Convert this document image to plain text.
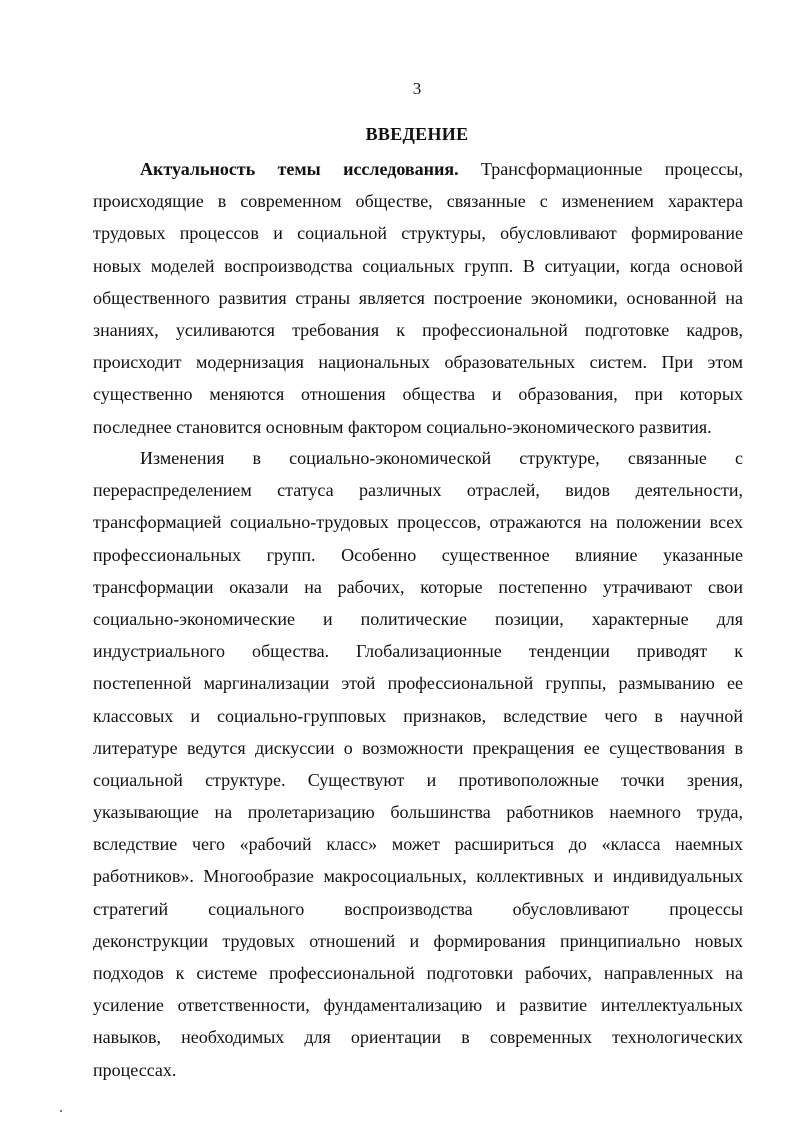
3
ВВЕДЕНИЕ
Актуальность темы исследования. Трансформационные процессы,
происходящие в современном обществе, связанные с изменением характера
трудовых процессов и социальной структуры, обусловливают формирование
новых моделей воспроизводства социальных групп. В ситуации, когда основой
общественного развития страны является построение экономики, основанной на
знаниях, усиливаются требования к профессиональной подготовке кадров,
происходит модернизация национальных образовательных систем. При этом
существенно меняются отношения общества и образования, при которых
последнее становится основным фактором социально-экономического развития.
Изменения в социально-экономической структуре, связанные с
перераспределением статуса различных отраслей, видов деятельности,
трансформацией социально-трудовых процессов, отражаются на положении всех
профессиональных групп. Особенно существенное влияние указанные
трансформации оказали на рабочих, которые постепенно утрачивают свои
социально-экономические и политические позиции, характерные для
индустриального общества. Глобализационные тенденции приводят к
постепенной маргинализации этой профессиональной группы, размыванию ее
классовых и социально-групповых признаков, вследствие чего в научной
литературе ведутся дискуссии о возможности прекращения ее существования в
социальной структуре. Существуют и противоположные точки зрения,
указывающие на пролетаризацию большинства работников наемного труда,
вследствие чего «рабочий класс» может расшириться до «класса наемных
работников». Многообразие макросоциальных, коллективных и индивидуальных
стратегий социального воспроизводства обусловливают процессы
деконструкции трудовых отношений и формирования принципиально новых
подходов к системе профессиональной подготовки рабочих, направленных на
усиление ответственности, фундаментализацию и развитие интеллектуальных
навыков, необходимых для ориентации в современных технологических
процессах.
